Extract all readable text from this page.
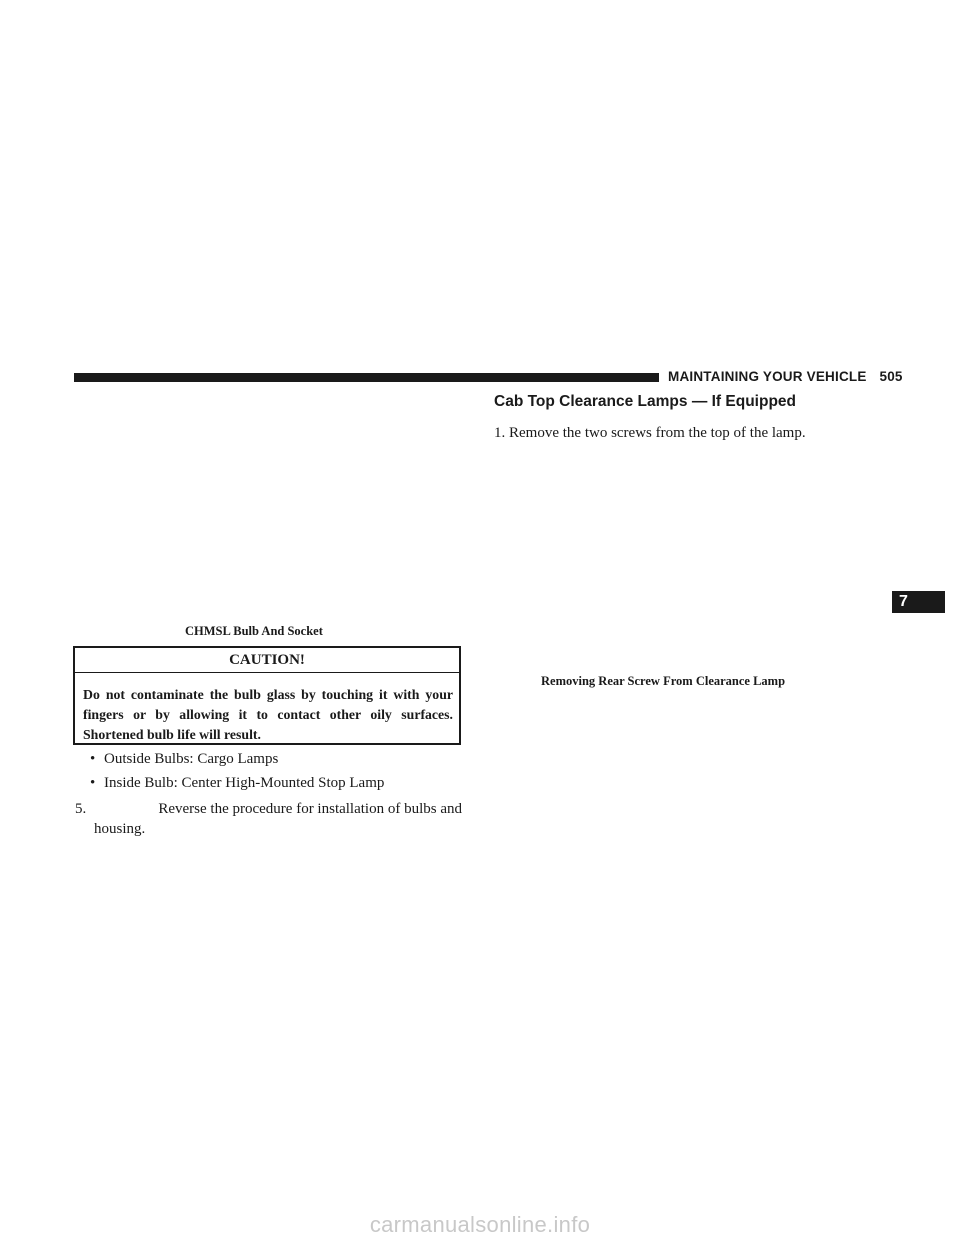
MAINTAINING YOUR VEHICLE 505
Cab Top Clearance Lamps — If Equipped
1. Remove the two screws from the top of the lamp.
CHMSL Bulb And Socket
CAUTION!
Do not contaminate the bulb glass by touching it with your fingers or by allowing it to contact other oily surfaces. Shortened bulb life will result.
• Outside Bulbs: Cargo Lamps
• Inside Bulb: Center High-Mounted Stop Lamp
5.	Reverse the procedure for installation of bulbs and
housing.
Removing Rear Screw From Clearance Lamp
7
carmanualsonline.info
